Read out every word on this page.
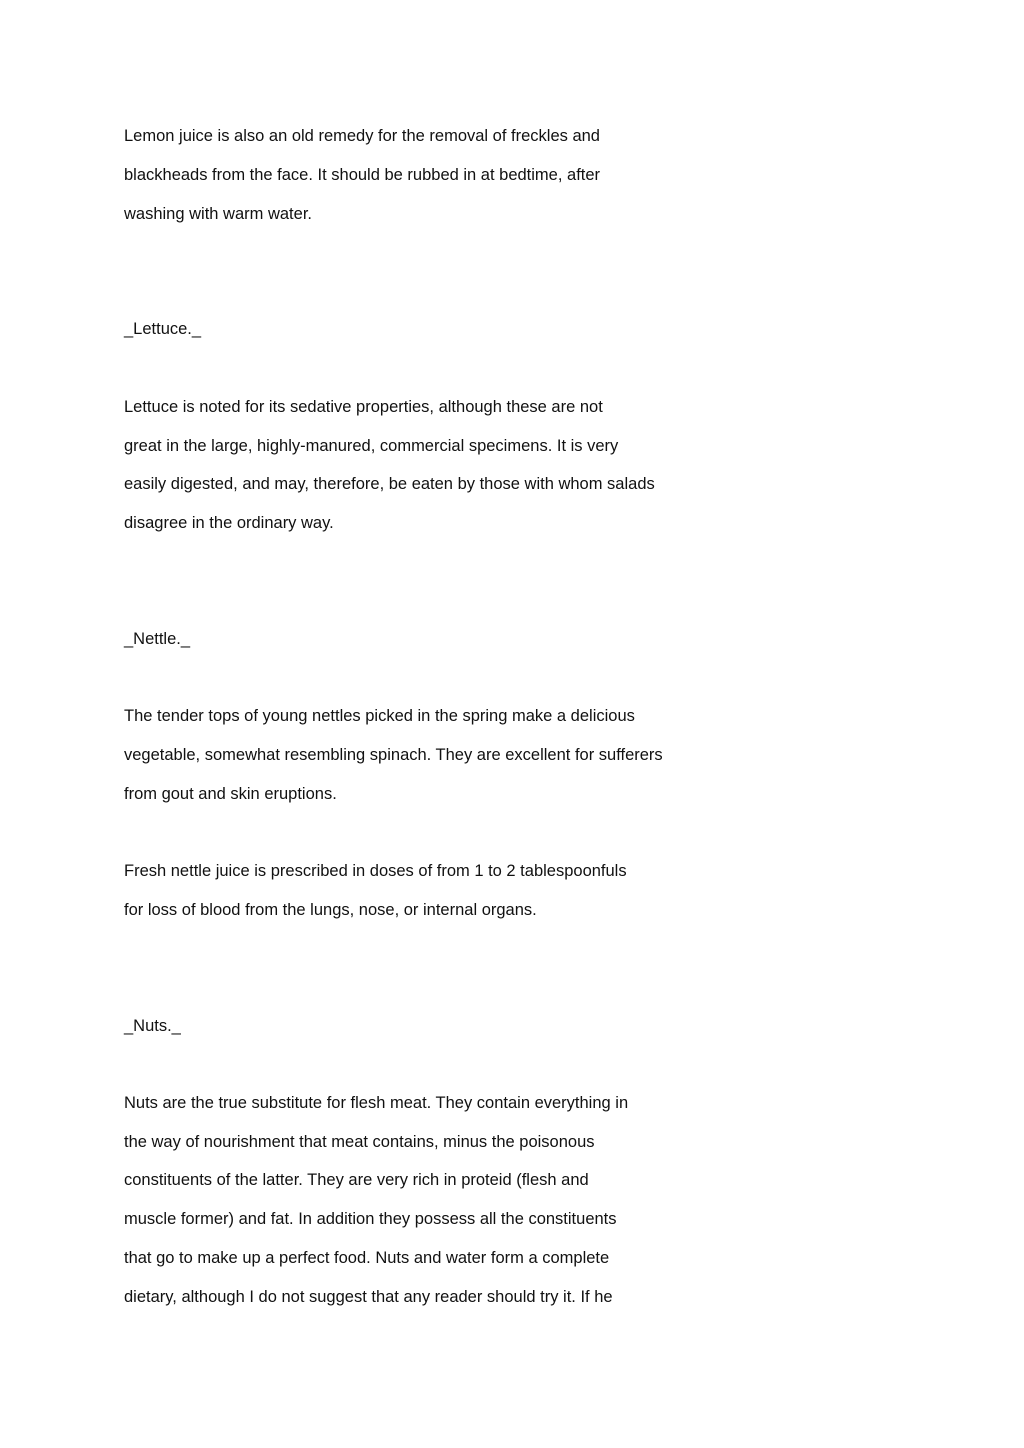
Lemon juice is also an old remedy for the removal of freckles and
blackheads from the face. It should be rubbed in at bedtime, after
washing with warm water.
_Lettuce._
Lettuce is noted for its sedative properties, although these are not
great in the large, highly-manured, commercial specimens. It is very
easily digested, and may, therefore, be eaten by those with whom salads
disagree in the ordinary way.
_Nettle._
The tender tops of young nettles picked in the spring make a delicious
vegetable, somewhat resembling spinach. They are excellent for sufferers
from gout and skin eruptions.
Fresh nettle juice is prescribed in doses of from 1 to 2 tablespoonfuls
for loss of blood from the lungs, nose, or internal organs.
_Nuts._
Nuts are the true substitute for flesh meat. They contain everything in
the way of nourishment that meat contains, minus the poisonous
constituents of the latter. They are very rich in proteid (flesh and
muscle former) and fat. In addition they possess all the constituents
that go to make up a perfect food. Nuts and water form a complete
dietary, although I do not suggest that any reader should try it. If he
